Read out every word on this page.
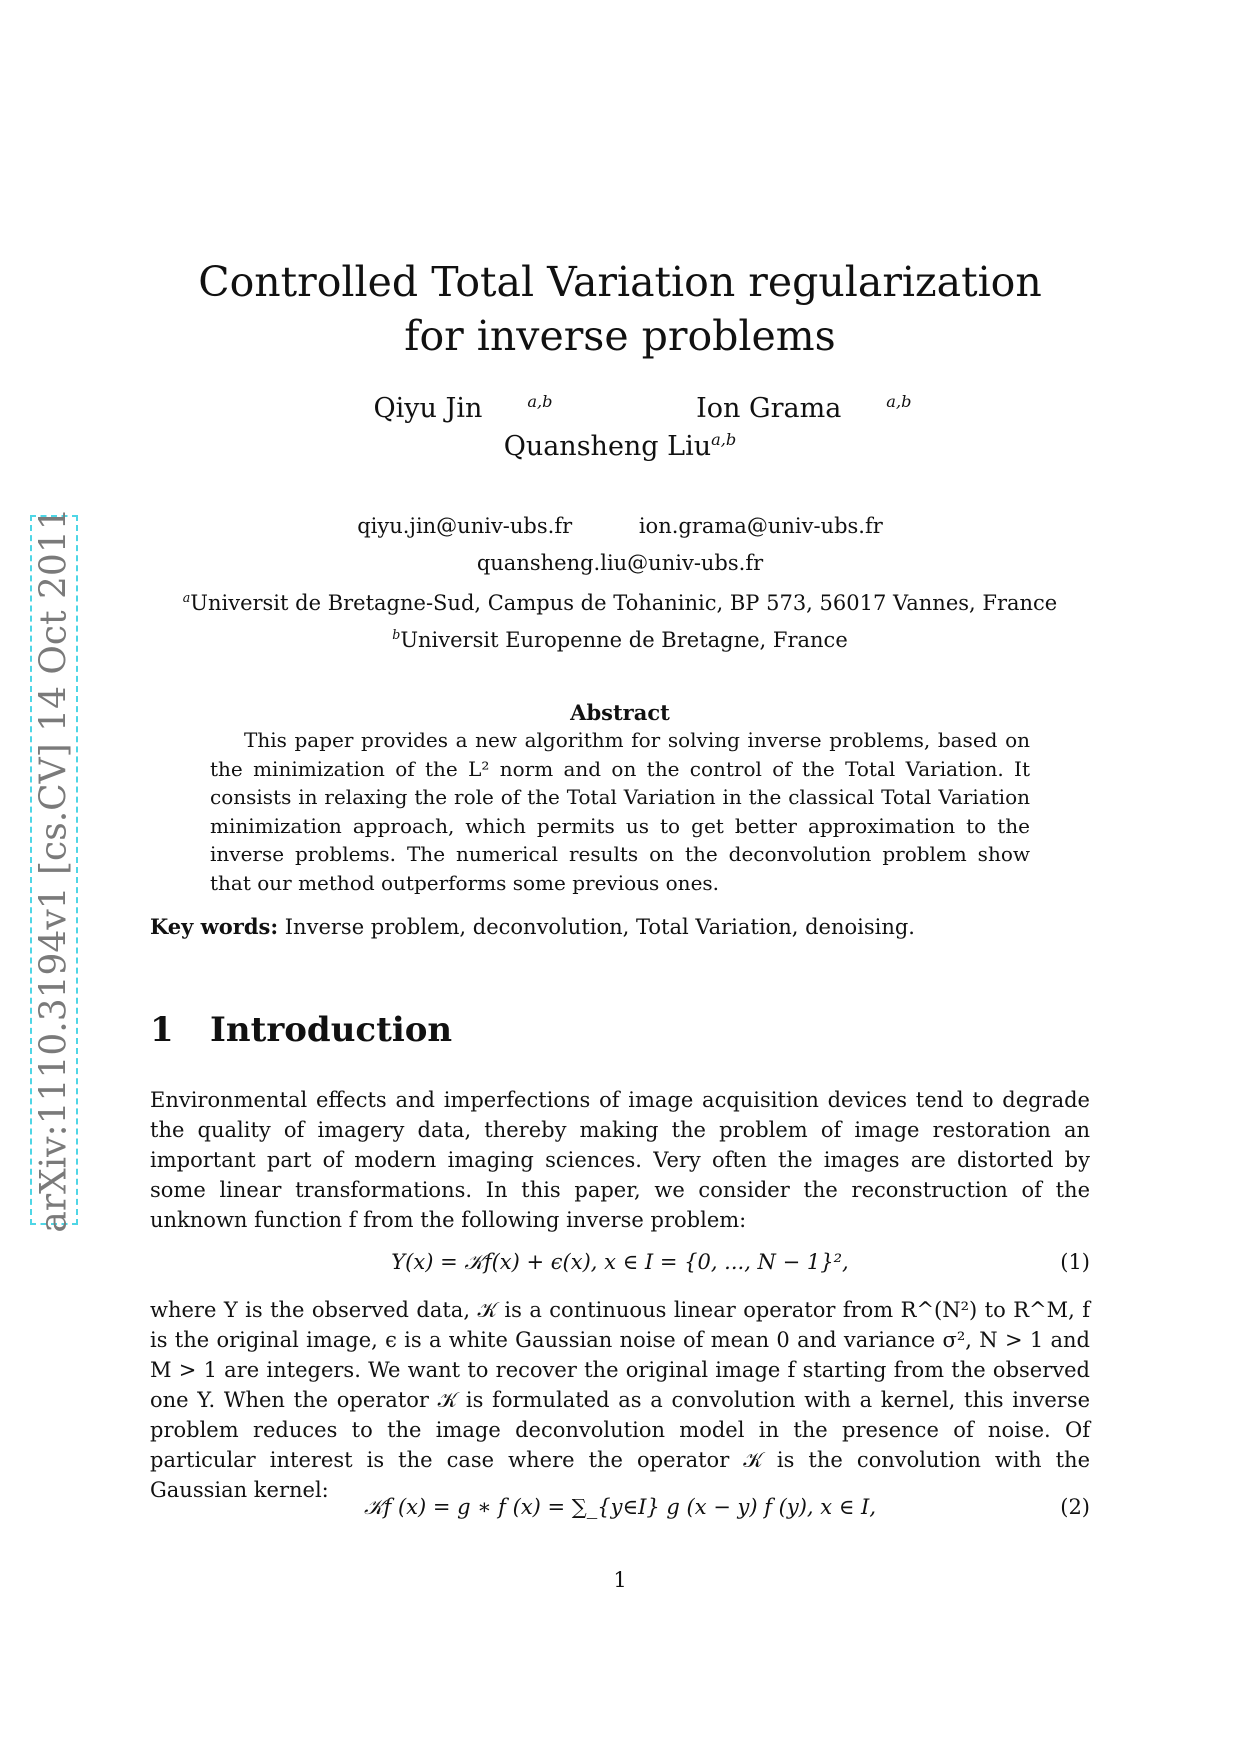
arXiv:1110.3194v1 [cs.CV] 14 Oct 2011
Controlled Total Variation regularization
for inverse problems
Qiyu Jin	$^{a,b}$	Ion Grama	$^{a,b}$
Quansheng Liu$^{a,b}$
qiyu.jin@univ-ubs.fr	ion.grama@univ-ubs.fr
quansheng.liu@univ-ubs.fr
$^a$Universit de Bretagne-Sud, Campus de Tohaninic, BP 573, 56017 Vannes, France
$^b$Universit Europenne de Bretagne, France
Abstract
This paper provides a new algorithm for solving inverse problems, based on the minimization of the L² norm and on the control of the Total Variation. It consists in relaxing the role of the Total Variation in the classical Total Variation minimization approach, which permits us to get better approximation to the inverse problems. The numerical results on the deconvolution problem show that our method outperforms some previous ones.
Key words: Inverse problem, deconvolution, Total Variation, denoising.
1 Introduction
Environmental effects and imperfections of image acquisition devices tend to degrade the quality of imagery data, thereby making the problem of image restoration an important part of modern imaging sciences. Very often the images are distorted by some linear transformations. In this paper, we consider the reconstruction of the unknown function f from the following inverse problem:
Y(x) = 𝒦f(x) + ϵ(x), x ∈ I = {0, ..., N − 1}²,	(1)
where Y is the observed data, 𝒦 is a continuous linear operator from R^(N²) to R^M, f is the original image, ϵ is a white Gaussian noise of mean 0 and variance σ², N > 1 and M > 1 are integers. We want to recover the original image f starting from the observed one Y. When the operator 𝒦 is formulated as a convolution with a kernel, this inverse problem reduces to the image deconvolution model in the presence of noise. Of particular interest is the case where the operator 𝒦 is the convolution with the Gaussian kernel:
𝒦f (x) = g ∗ f (x) = ∑_{y∈I} g (x − y) f (y), x ∈ I,	(2)
1
